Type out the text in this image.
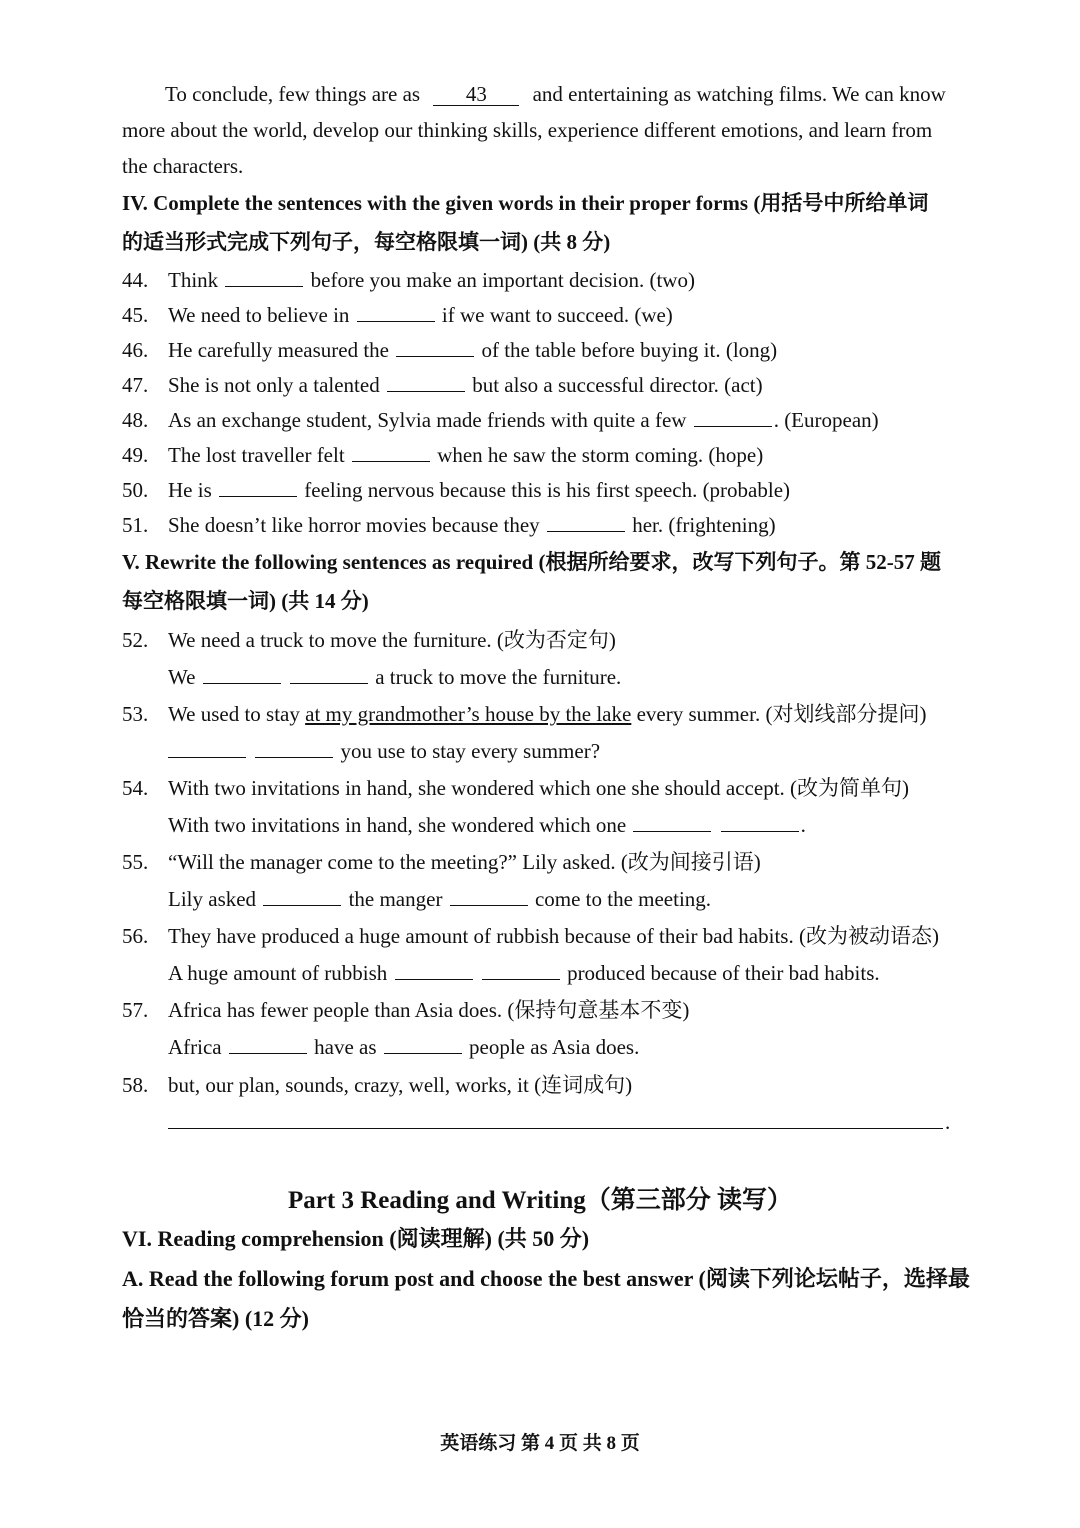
To conclude, few things are as 43 and entertaining as watching films. We can know
more about the world, develop our thinking skills, experience different emotions, and learn from
the characters.
IV. Complete the sentences with the given words in their proper forms (用括号中所给单词
的适当形式完成下列句子，每空格限填一词) (共 8 分)
44. Think	before you make an important decision. (two)
45. We need to believe in	if we want to succeed. (we)
46. He carefully measured the	of the table before buying it. (long)
47. She is not only a talented	but also a successful director. (act)
48. As an exchange student, Sylvia made friends with quite a few	. (European)
49. The lost traveller felt	when he saw the storm coming. (hope)
50. He is	feeling nervous because this is his first speech. (probable)
51. She doesn’t like horror movies because they	her. (frightening)
V. Rewrite the following sentences as required (根据所给要求，改写下列句子。第 52-57 题
每空格限填一词) (共 14 分)
52. We need a truck to move the furniture. (改为否定句)
We	a truck to move the furniture.
53. We used to stay at my grandmother’s house by the lake every summer. (对划线部分提问)
you use to stay every summer?
54. With two invitations in hand, she wondered which one she should accept. (改为简单句)
With two invitations in hand, she wondered which one	.
55. “Will the manager come to the meeting?” Lily asked. (改为间接引语)
Lily asked	the manger	come to the meeting.
56. They have produced a huge amount of rubbish because of their bad habits. (改为被动语态)
A huge amount of rubbish	produced because of their bad habits.
57. Africa has fewer people than Asia does. (保持句意基本不变)
Africa	have as	people as Asia does.
58. but, our plan, sounds, crazy, well, works, it (连词成句)
.
Part 3 Reading and Writing（第三部分 读写）
VI. Reading comprehension (阅读理解) (共 50 分)
A. Read the following forum post and choose the best answer (阅读下列论坛帖子，选择最
恰当的答案) (12 分)
英语练习 第 4 页 共 8 页
